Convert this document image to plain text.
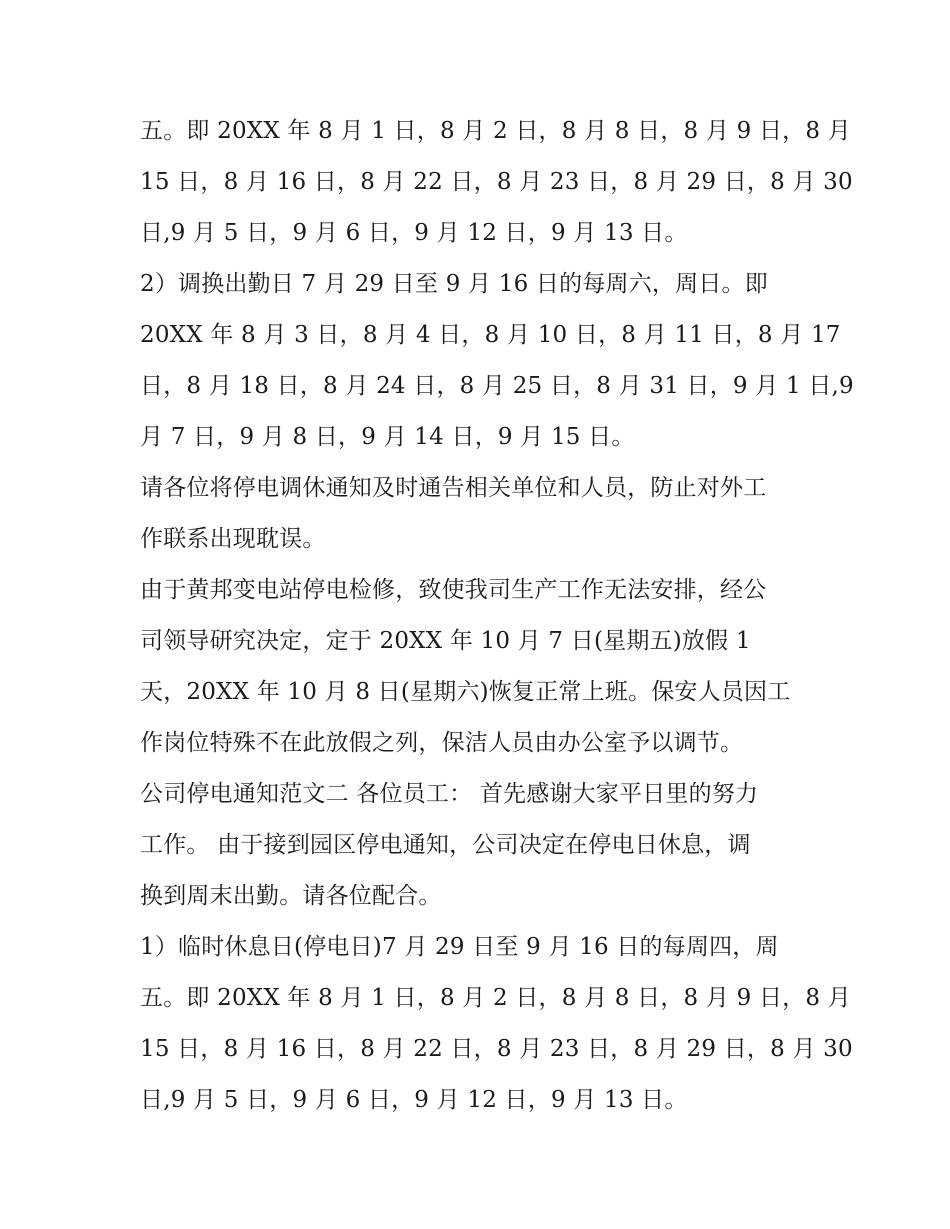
五。即 20XX 年 8 月 1 日，8 月 2 日，8 月 8 日，8 月 9 日，8 月
15 日，8 月 16 日，8 月 22 日，8 月 23 日，8 月 29 日，8 月 30
日,9 月 5 日，9 月 6 日，9 月 12 日，9 月 13 日。
2）调换出勤日 7 月 29 日至 9 月 16 日的每周六，周日。即
20XX 年 8 月 3 日，8 月 4 日，8 月 10 日，8 月 11 日，8 月 17
日，8 月 18 日，8 月 24 日，8 月 25 日，8 月 31 日，9 月 1 日,9
月 7 日，9 月 8 日，9 月 14 日，9 月 15 日。
请各位将停电调休通知及时通告相关单位和人员，防止对外工
作联系出现耽误。
由于黄邦变电站停电检修，致使我司生产工作无法安排，经公
司领导研究决定，定于 20XX 年 10 月 7 日(星期五)放假 1
天，20XX 年 10 月 8 日(星期六)恢复正常上班。保安人员因工
作岗位特殊不在此放假之列，保洁人员由办公室予以调节。
公司停电通知范文二 各位员工： 首先感谢大家平日里的努力
工作。 由于接到园区停电通知，公司决定在停电日休息，调
换到周末出勤。请各位配合。
1）临时休息日(停电日)7 月 29 日至 9 月 16 日的每周四，周
五。即 20XX 年 8 月 1 日，8 月 2 日，8 月 8 日，8 月 9 日，8 月
15 日，8 月 16 日，8 月 22 日，8 月 23 日，8 月 29 日，8 月 30
日,9 月 5 日，9 月 6 日，9 月 12 日，9 月 13 日。
